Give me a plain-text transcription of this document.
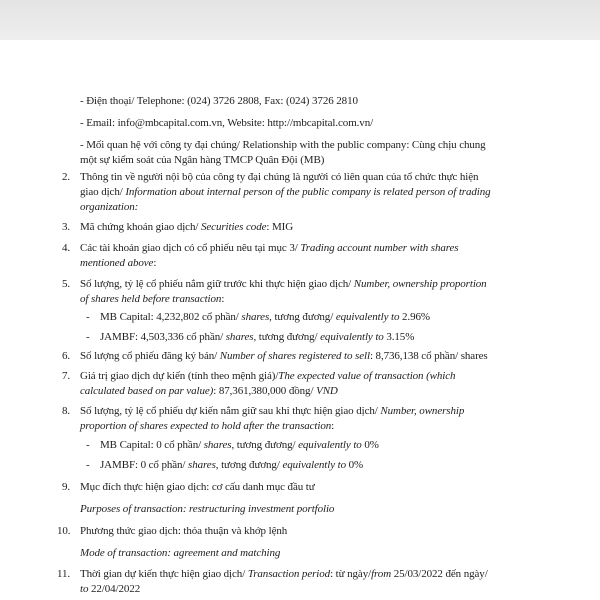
- Điện thoại/ Telephone: (024) 3726 2808, Fax: (024) 3726 2810
- Email: info@mbcapital.com.vn, Website: http://mbcapital.com.vn/
- Mối quan hệ với công ty đại chúng/ Relationship with the public company: Cùng chịu chung
một sự kiểm soát của Ngân hàng TMCP Quân Đội (MB)
2. Thông tin về người nội bộ của công ty đại chúng là người có liên quan của tổ chức thực hiện
giao dịch/ Information about internal person of the public company is related person of trading
organization:
3. Mã chứng khoán giao dịch/ Securities code: MIG
4. Các tài khoản giao dịch có cổ phiếu nêu tại mục 3/ Trading account number with shares
mentioned above:
5. Số lượng, tỷ lệ cổ phiếu nắm giữ trước khi thực hiện giao dịch/ Number, ownership proportion
of shares held before transaction:
- MB Capital: 4,232,802 cổ phần/ shares, tương đương/ equivalently to 2.96%
- JAMBF: 4,503,336 cổ phần/ shares, tương đương/ equivalently to 3.15%
6. Số lượng cổ phiếu đăng ký bán/ Number of shares registered to sell: 8,736,138 cổ phần/ shares
7. Giá trị giao dịch dự kiến (tính theo mệnh giá)/The expected value of transaction (which
calculated based on par value): 87,361,380,000 đồng/ VND
8. Số lượng, tỷ lệ cổ phiếu dự kiến nắm giữ sau khi thực hiện giao dịch/ Number, ownership
proportion of shares expected to hold after the transaction:
- MB Capital: 0 cổ phần/ shares, tương đương/ equivalently to 0%
- JAMBF: 0 cổ phần/ shares, tương đương/ equivalently to 0%
9. Mục đích thực hiện giao dịch: cơ cấu danh mục đầu tư
Purposes of transaction: restructuring investment portfolio
10. Phương thức giao dịch: thỏa thuận và khớp lệnh
Mode of transaction: agreement and matching
11. Thời gian dự kiến thực hiện giao dịch/ Transaction period: từ ngày/from 25/03/2022 đến ngày/
to 22/04/2022
